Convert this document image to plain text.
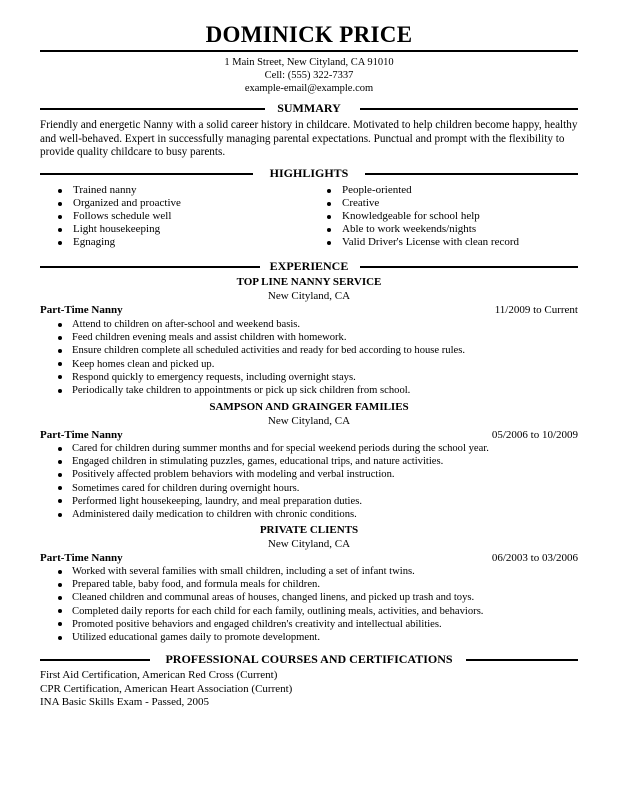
DOMINICK PRICE
1 Main Street, New Cityland, CA 91010
Cell: (555) 322-7337
example-email@example.com
SUMMARY
Friendly and energetic Nanny with a solid career history in childcare. Motivated to help children become happy, healthy and well-behaved. Expert in successfully managing parental expectations. Punctual and prompt with the flexibility to provide quality childcare to busy parents.
HIGHLIGHTS
Trained nanny
Organized and proactive
Follows schedule well
Light housekeeping
Egnaging
People-oriented
Creative
Knowledgeable for school help
Able to work weekends/nights
Valid Driver's License with clean record
EXPERIENCE
TOP LINE NANNY SERVICE
New Cityland, CA
Part-Time Nanny	11/2009 to Current
Attend to children on after-school and weekend basis.
Feed children evening meals and assist children with homework.
Ensure children complete all scheduled activities and ready for bed according to house rules.
Keep homes clean and picked up.
Respond quickly to emergency requests, including overnight stays.
Periodically take children to appointments or pick up sick children from school.
SAMPSON AND GRAINGER FAMILIES
New Cityland, CA
Part-Time Nanny	05/2006 to 10/2009
Cared for children during summer months and for special weekend periods during the school year.
Engaged children in stimulating puzzles, games, educational trips, and nature activities.
Positively affected problem behaviors with modeling and verbal instruction.
Sometimes cared for children during overnight hours.
Performed light housekeeping, laundry, and meal preparation duties.
Administered daily medication to children with chronic conditions.
PRIVATE CLIENTS
New Cityland, CA
Part-Time Nanny	06/2003 to 03/2006
Worked with several families with small children, including a set of infant twins.
Prepared table, baby food, and formula meals for children.
Cleaned children and communal areas of houses, changed linens, and picked up trash and toys.
Completed daily reports for each child for each family, outlining meals, activities, and behaviors.
Promoted positive behaviors and engaged children's creativity and intellectual abilities.
Utilized educational games daily to promote development.
PROFESSIONAL COURSES AND CERTIFICATIONS
First Aid Certification, American Red Cross (Current)
CPR Certification, American Heart Association (Current)
INA Basic Skills Exam - Passed, 2005
